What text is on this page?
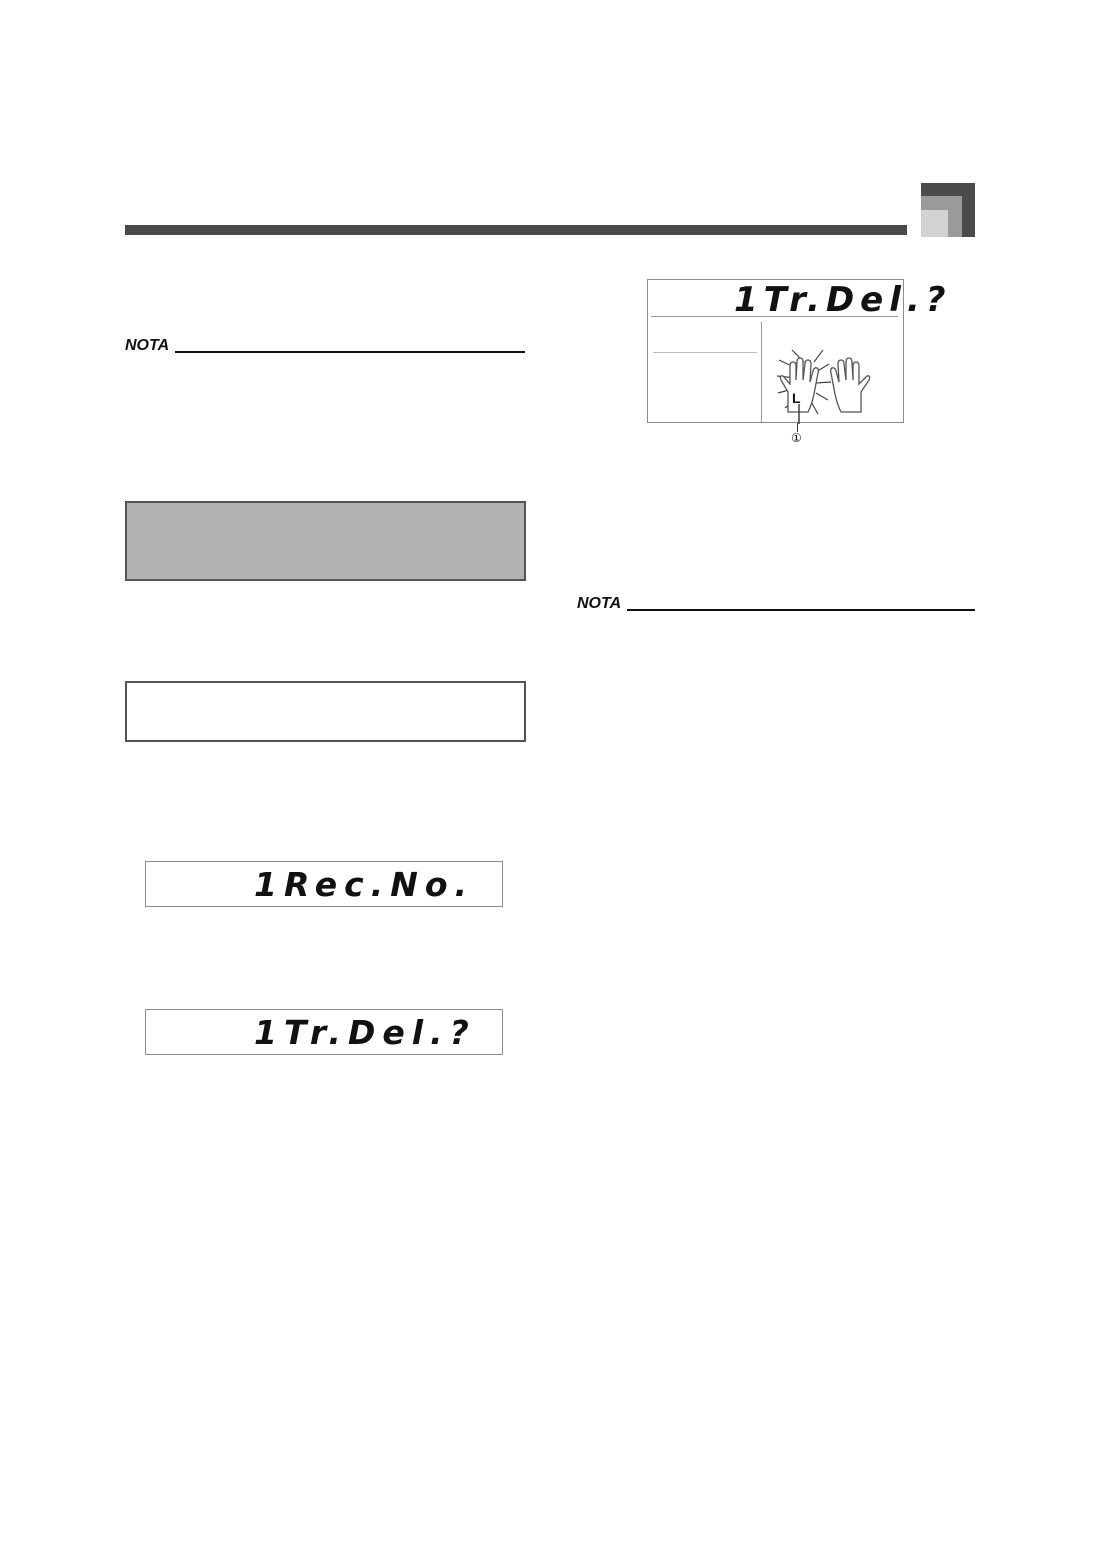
NOTA
1Rec.No.
1Tr.Del.?
1Tr.Del.?
L
①
NOTA
